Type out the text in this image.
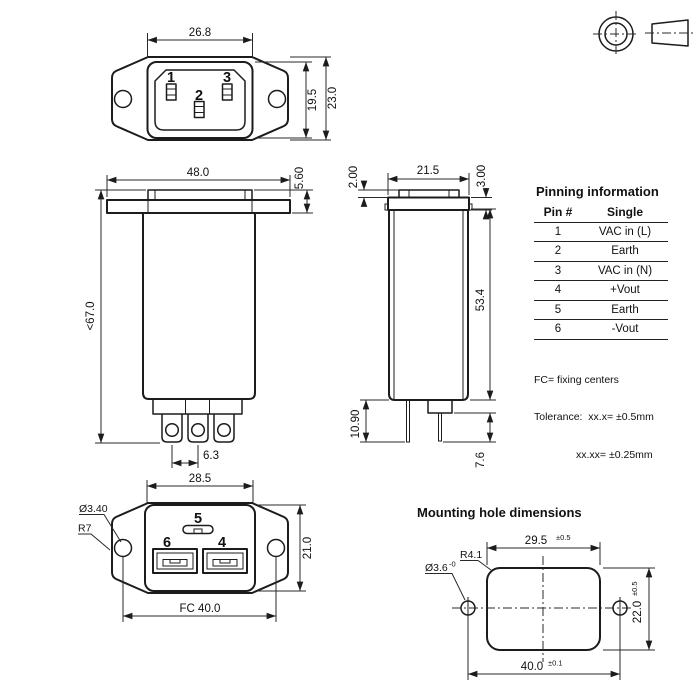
1
2
3
26.8
19.5 23.0
48.0	5.60
<67.0
6.3
21.5
2.00	3.00
53.4
10.90
7.6
28.5
5
6	4
Ø3.40
R7
21.0
FC 40.0
Mounting hole dimensions
29.5 ±0.5
R4.1
Ø3.6 -0
22.0
±0.5
40.0 ±0.1
Pinning information
Pin #	Single
1	VAC in (L)
2	Earth
3	VAC in (N)
4	+Vout
5	Earth
6	-Vout

FC= fixing centers

Tolerance:  xx.x= ±0.5mm

xx.xx= ±0.25mm
